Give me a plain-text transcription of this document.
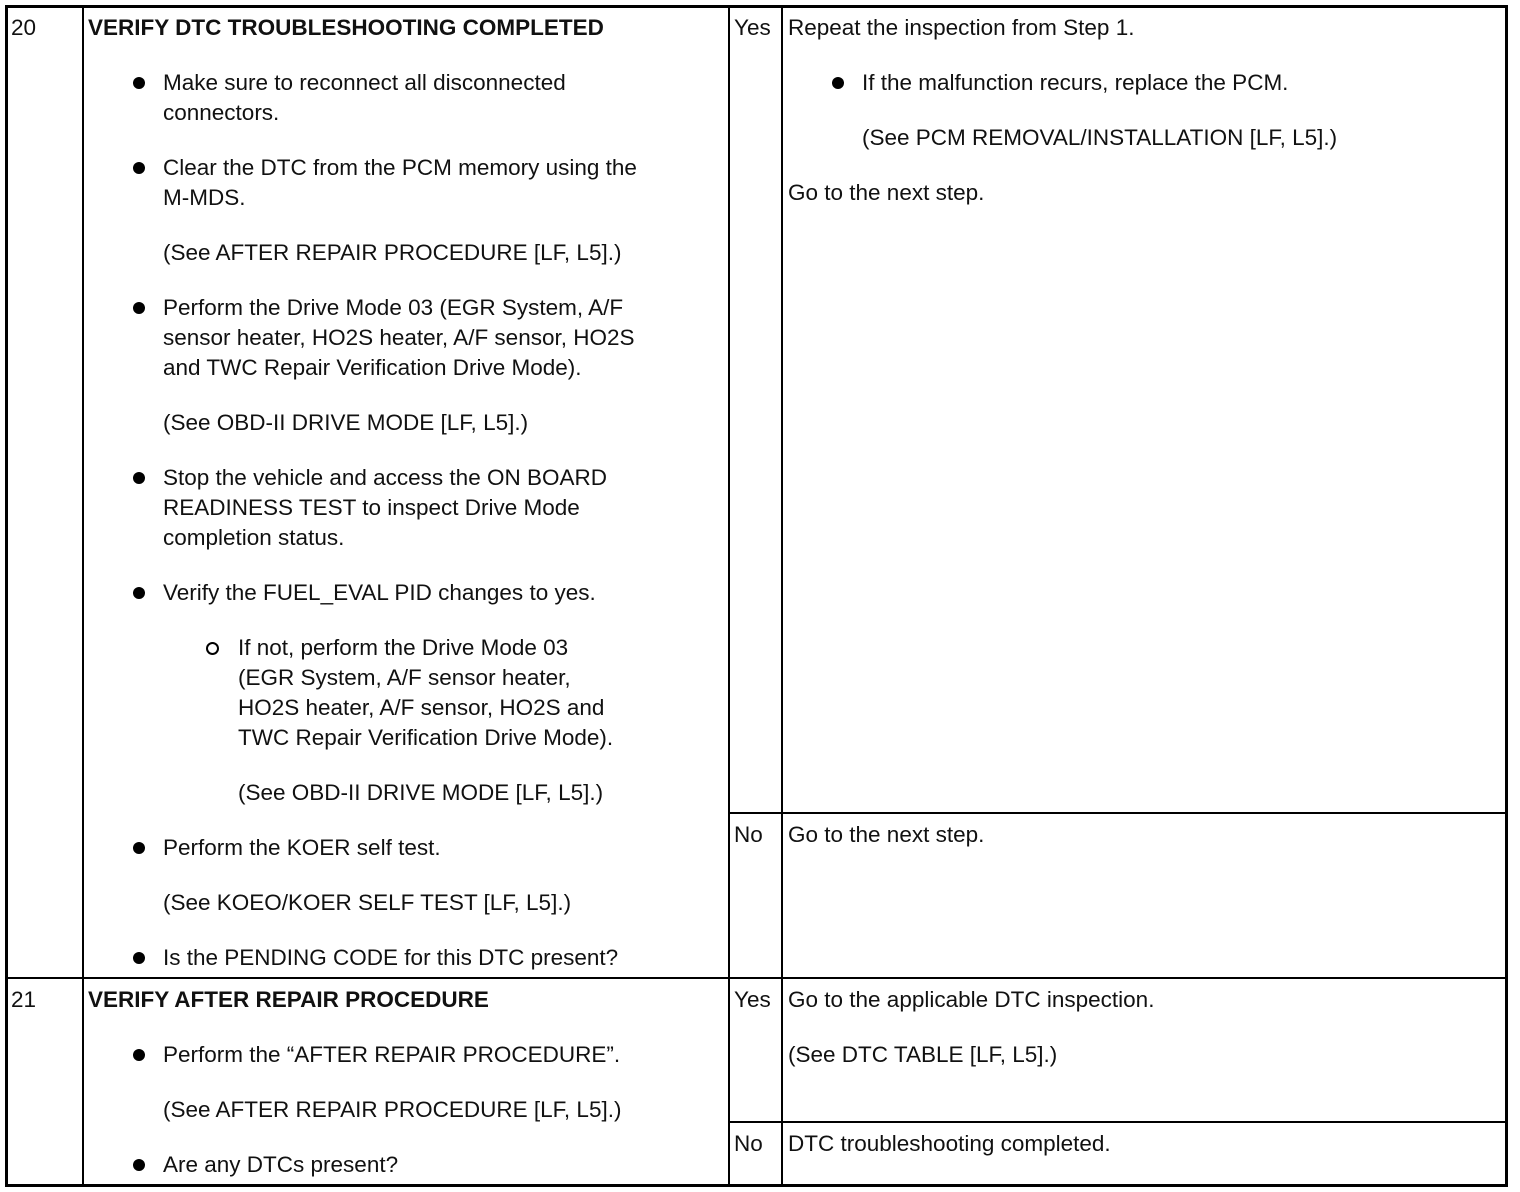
20 VERIFY DTC TROUBLESHOOTING COMPLETED
Make sure to reconnect all disconnected
connectors.
Clear the DTC from the PCM memory using the
M-MDS.
(See AFTER REPAIR PROCEDURE [LF, L5].)
Perform the Drive Mode 03 (EGR System, A/F
sensor heater, HO2S heater, A/F sensor, HO2S
and TWC Repair Verification Drive Mode).
(See OBD-II DRIVE MODE [LF, L5].)
Stop the vehicle and access the ON BOARD
READINESS TEST to inspect Drive Mode
completion status.
Verify the FUEL_EVAL PID changes to yes.
If not, perform the Drive Mode 03
(EGR System, A/F sensor heater,
HO2S heater, A/F sensor, HO2S and
TWC Repair Verification Drive Mode).
(See OBD-II DRIVE MODE [LF, L5].)
Perform the KOER self test.
(See KOEO/KOER SELF TEST [LF, L5].)
Is the PENDING CODE for this DTC present?
Yes Repeat the inspection from Step 1.
If the malfunction recurs, replace the PCM.
(See PCM REMOVAL/INSTALLATION [LF, L5].)
Go to the next step.
No Go to the next step.
21 VERIFY AFTER REPAIR PROCEDURE
Perform the “AFTER REPAIR PROCEDURE”.
(See AFTER REPAIR PROCEDURE [LF, L5].)
Are any DTCs present?
Yes Go to the applicable DTC inspection.
(See DTC TABLE [LF, L5].)
No DTC troubleshooting completed.
